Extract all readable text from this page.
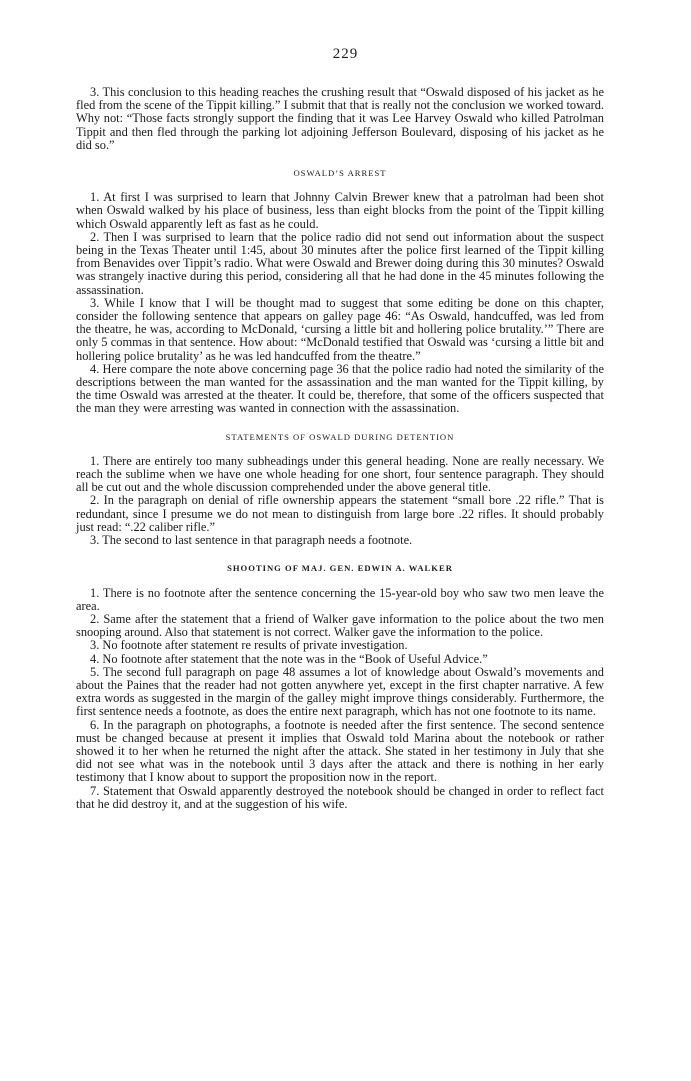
229

3. This conclusion to this heading reaches the crushing result that “Oswald disposed of his jacket as he fled from the scene of the Tippit killing.” I submit that that is really not the conclusion we worked toward. Why not: “Those facts strongly support the finding that it was Lee Harvey Oswald who killed Patrolman Tippit and then fled through the parking lot adjoining Jefferson Boulevard, disposing of his jacket as he did so.”

OSWALD’S ARREST

1. At first I was surprised to learn that Johnny Calvin Brewer knew that a patrolman had been shot when Oswald walked by his place of business, less than eight blocks from the point of the Tippit killing which Oswald apparently left as fast as he could.

2. Then I was surprised to learn that the police radio did not send out information about the suspect being in the Texas Theater until 1:45, about 30 minutes after the police first learned of the Tippit killing from Benavides over Tippit’s radio. What were Oswald and Brewer doing during this 30 minutes? Oswald was strangely inactive during this period, considering all that he had done in the 45 minutes following the assassination.

3. While I know that I will be thought mad to suggest that some editing be done on this chapter, consider the following sentence that appears on galley page 46: “As Oswald, handcuffed, was led from the theatre, he was, according to McDonald, ‘cursing a little bit and hollering police brutality.’” There are only 5 commas in that sentence. How about: “McDonald testified that Oswald was ‘cursing a little bit and hollering police brutality’ as he was led handcuffed from the theatre.”

4. Here compare the note above concerning page 36 that the police radio had noted the similarity of the descriptions between the man wanted for the assassination and the man wanted for the Tippit killing, by the time Oswald was arrested at the theater. It could be, therefore, that some of the officers suspected that the man they were arresting was wanted in connection with the assassination.

STATEMENTS OF OSWALD DURING DETENTION

1. There are entirely too many subheadings under this general heading. None are really necessary. We reach the sublime when we have one whole heading for one short, four sentence paragraph. They should all be cut out and the whole discussion comprehended under the above general title.

2. In the paragraph on denial of rifle ownership appears the statement “small bore .22 rifle.” That is redundant, since I presume we do not mean to distinguish from large bore .22 rifles. It should probably just read: “.22 caliber rifle.”

3. The second to last sentence in that paragraph needs a footnote.

SHOOTING OF MAJ. GEN. EDWIN A. WALKER

1. There is no footnote after the sentence concerning the 15-year-old boy who saw two men leave the area.

2. Same after the statement that a friend of Walker gave information to the police about the two men snooping around. Also that statement is not correct. Walker gave the information to the police.

3. No footnote after statement re results of private investigation.

4. No footnote after statement that the note was in the “Book of Useful Advice.”

5. The second full paragraph on page 48 assumes a lot of knowledge about Oswald’s movements and about the Paines that the reader had not gotten anywhere yet, except in the first chapter narrative. A few extra words as suggested in the margin of the galley might improve things considerably. Furthermore, the first sentence needs a footnote, as does the entire next paragraph, which has not one footnote to its name.

6. In the paragraph on photographs, a footnote is needed after the first sentence. The second sentence must be changed because at present it implies that Oswald told Marina about the notebook or rather showed it to her when he returned the night after the attack. She stated in her testimony in July that she did not see what was in the notebook until 3 days after the attack and there is nothing in her early testimony that I know about to support the proposition now in the report.

7. Statement that Oswald apparently destroyed the notebook should be changed in order to reflect fact that he did destroy it, and at the suggestion of his wife.
